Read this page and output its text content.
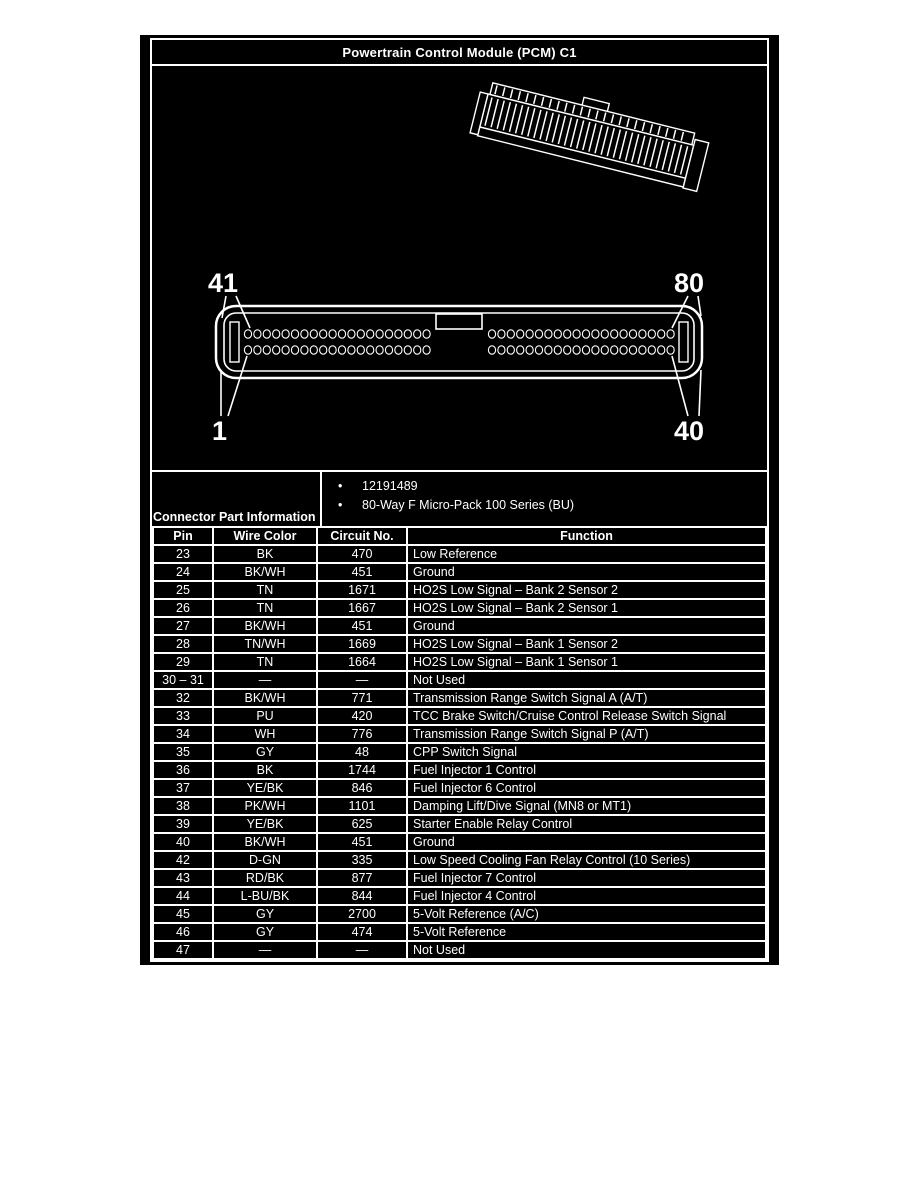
Powertrain Control Module (PCM) C1
41	80
1	40
Connector Part Information
•	12191489
•	80-Way F Micro-Pack 100 Series (BU)
Pin	Wire Color	Circuit No.	Function
23	BK	470	Low Reference
24	BK/WH	451	Ground
25	TN	1671	HO2S Low Signal – Bank 2 Sensor 2
26	TN	1667	HO2S Low Signal – Bank 2 Sensor 1
27	BK/WH	451	Ground
28	TN/WH	1669	HO2S Low Signal – Bank 1 Sensor 2
29	TN	1664	HO2S Low Signal – Bank 1 Sensor 1
30 – 31	—	—	Not Used
32	BK/WH	771	Transmission Range Switch Signal A (A/T)
33	PU	420	TCC Brake Switch/Cruise Control Release Switch Signal
34	WH	776	Transmission Range Switch Signal P (A/T)
35	GY	48	CPP Switch Signal
36	BK	1744	Fuel Injector 1 Control
37	YE/BK	846	Fuel Injector 6 Control
38	PK/WH	1101	Damping Lift/Dive Signal (MN8 or MT1)
39	YE/BK	625	Starter Enable Relay Control
40	BK/WH	451	Ground
42	D-GN	335	Low Speed Cooling Fan Relay Control (10 Series)
43	RD/BK	877	Fuel Injector 7 Control
44	L-BU/BK	844	Fuel Injector 4 Control
45	GY	2700	5-Volt Reference (A/C)
46	GY	474	5-Volt Reference
47	—	—	Not Used
